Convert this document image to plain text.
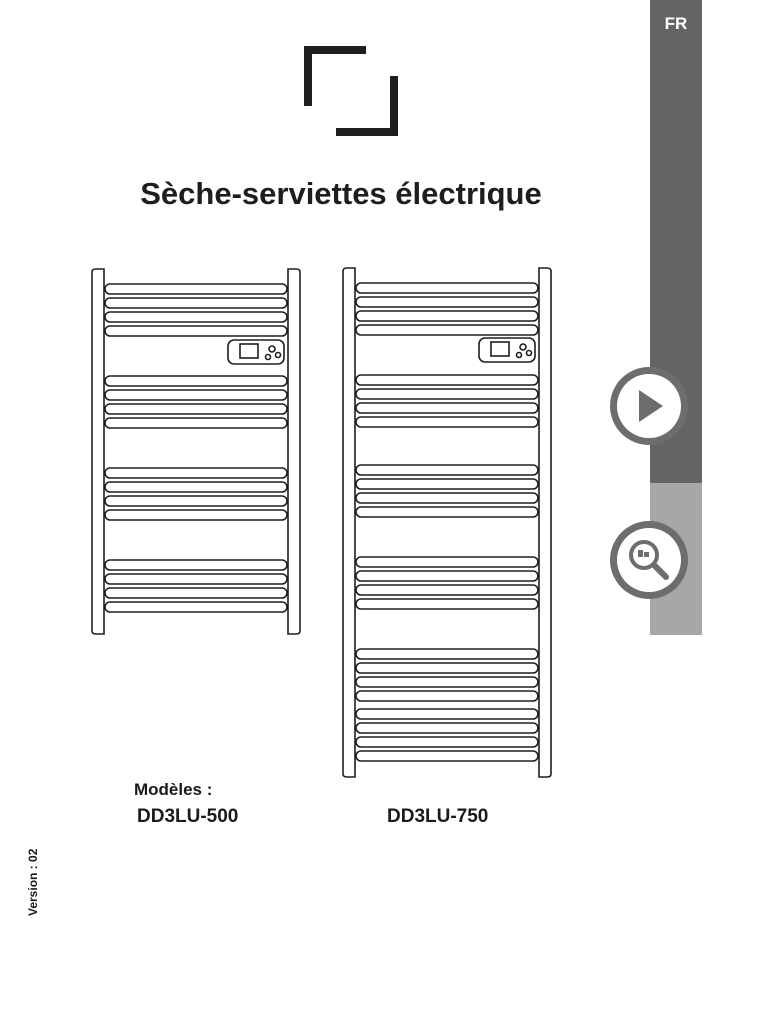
FR
Sèche-serviettes électrique
Modèles :
DD3LU-500	DD3LU-750
Version : 02
